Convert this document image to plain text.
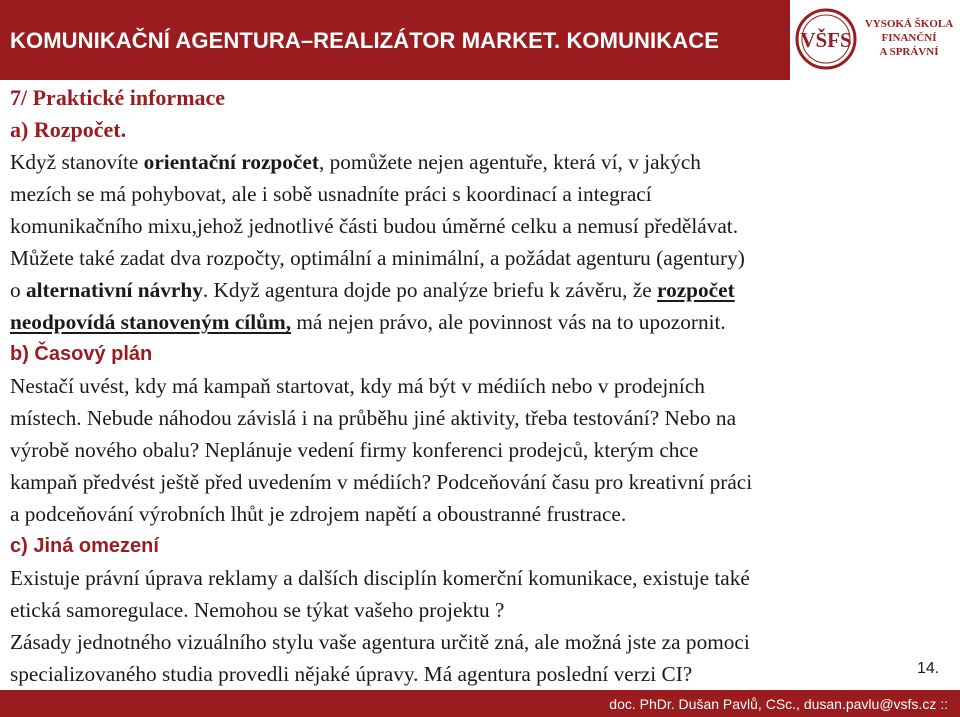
KOMUNIKAČNÍ AGENTURA–REALIZÁTOR MARKET. KOMUNIKACE	VŠFS
VYSOKÁ ŠKOLA
FINANČNÍ
A SPRÁVNÍ

7/ Praktické informace

a) Rozpočet.

Když stanovíte orientační rozpočet, pomůžete nejen agentuře, která ví, v jakých

mezích se má pohybovat, ale i sobě usnadníte práci s koordinací a integrací

komunikačního mixu,jehož jednotlivé části budou úměrné celku a nemusí předělávat.

Můžete také zadat dva rozpočty, optimální a minimální, a požádat agenturu (agentury)

o alternativní návrhy. Když agentura dojde po analýze briefu k závěru, že rozpočet

neodpovídá stanoveným cílům, má nejen právo, ale povinnost vás na to upozornit.

b) Časový plán

Nestačí uvést, kdy má kampaň startovat, kdy má být v médiích nebo v prodejních

místech. Nebude náhodou závislá i na průběhu jiné aktivity, třeba testování? Nebo na

výrobě nového obalu? Neplánuje vedení firmy konferenci prodejců, kterým chce

kampaň předvést ještě před uvedením v médiích? Podceňování času pro kreativní práci

a podceňování výrobních lhůt je zdrojem napětí a oboustranné frustrace.

c) Jiná omezení

Existuje právní úprava reklamy a dalších disciplín komerční komunikace, existuje také

etická samoregulace. Nemohou se týkat vašeho projektu ?

Zásady jednotného vizuálního stylu vaše agentura určitě zná, ale možná jste za pomoci

specializovaného studia provedli nějaké úpravy. Má agentura poslední verzi CI?	14.
doc. PhDr. Dušan Pavlů, CSc., dusan.pavlu@vsfs.cz ::
